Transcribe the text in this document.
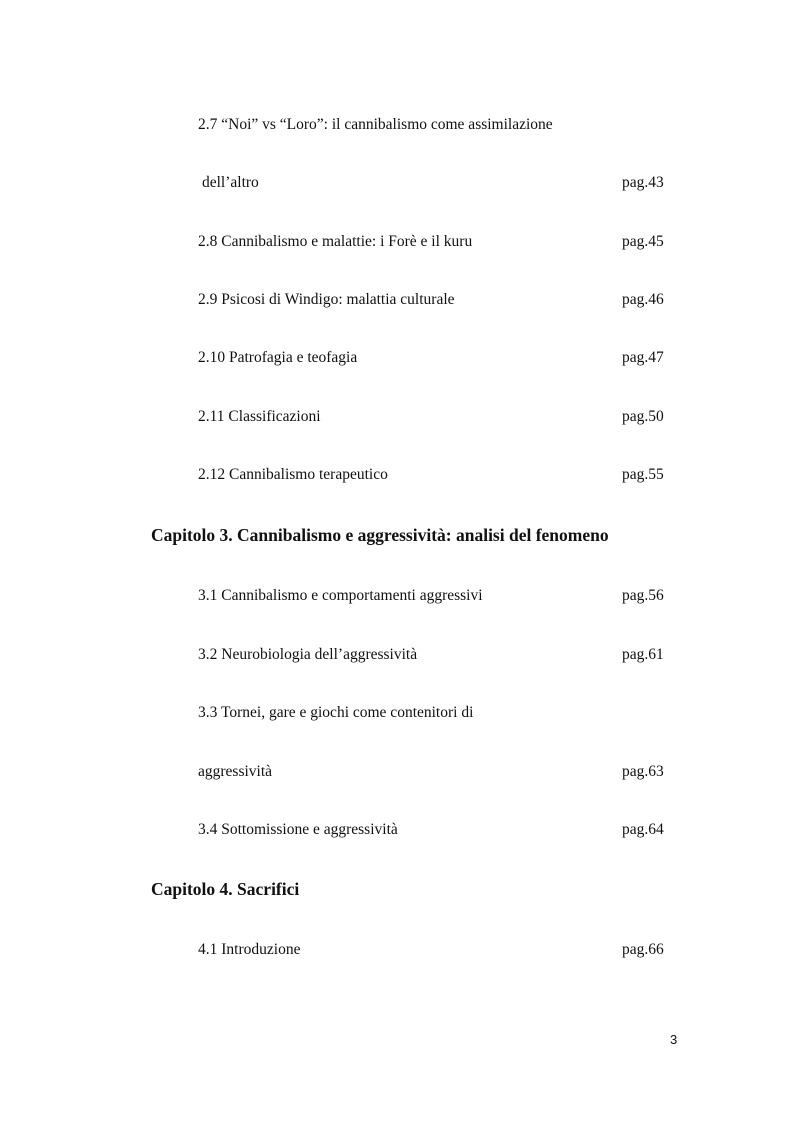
2.7 “Noi” vs “Loro”: il cannibalismo come assimilazione
dell’altro	pag.43
2.8 Cannibalismo e malattie: i Forè e il kuru	pag.45
2.9 Psicosi di Windigo: malattia culturale	pag.46
2.10 Patrofagia e teofagia	pag.47
2.11 Classificazioni	pag.50
2.12 Cannibalismo terapeutico	pag.55
Capitolo 3. Cannibalismo e aggressività: analisi del fenomeno
3.1 Cannibalismo e comportamenti aggressivi	pag.56
3.2 Neurobiologia dell’aggressività	pag.61
3.3 Tornei, gare e giochi come contenitori di
aggressività	pag.63
3.4 Sottomissione e aggressività	pag.64
Capitolo 4. Sacrifici
4.1 Introduzione	pag.66
3
